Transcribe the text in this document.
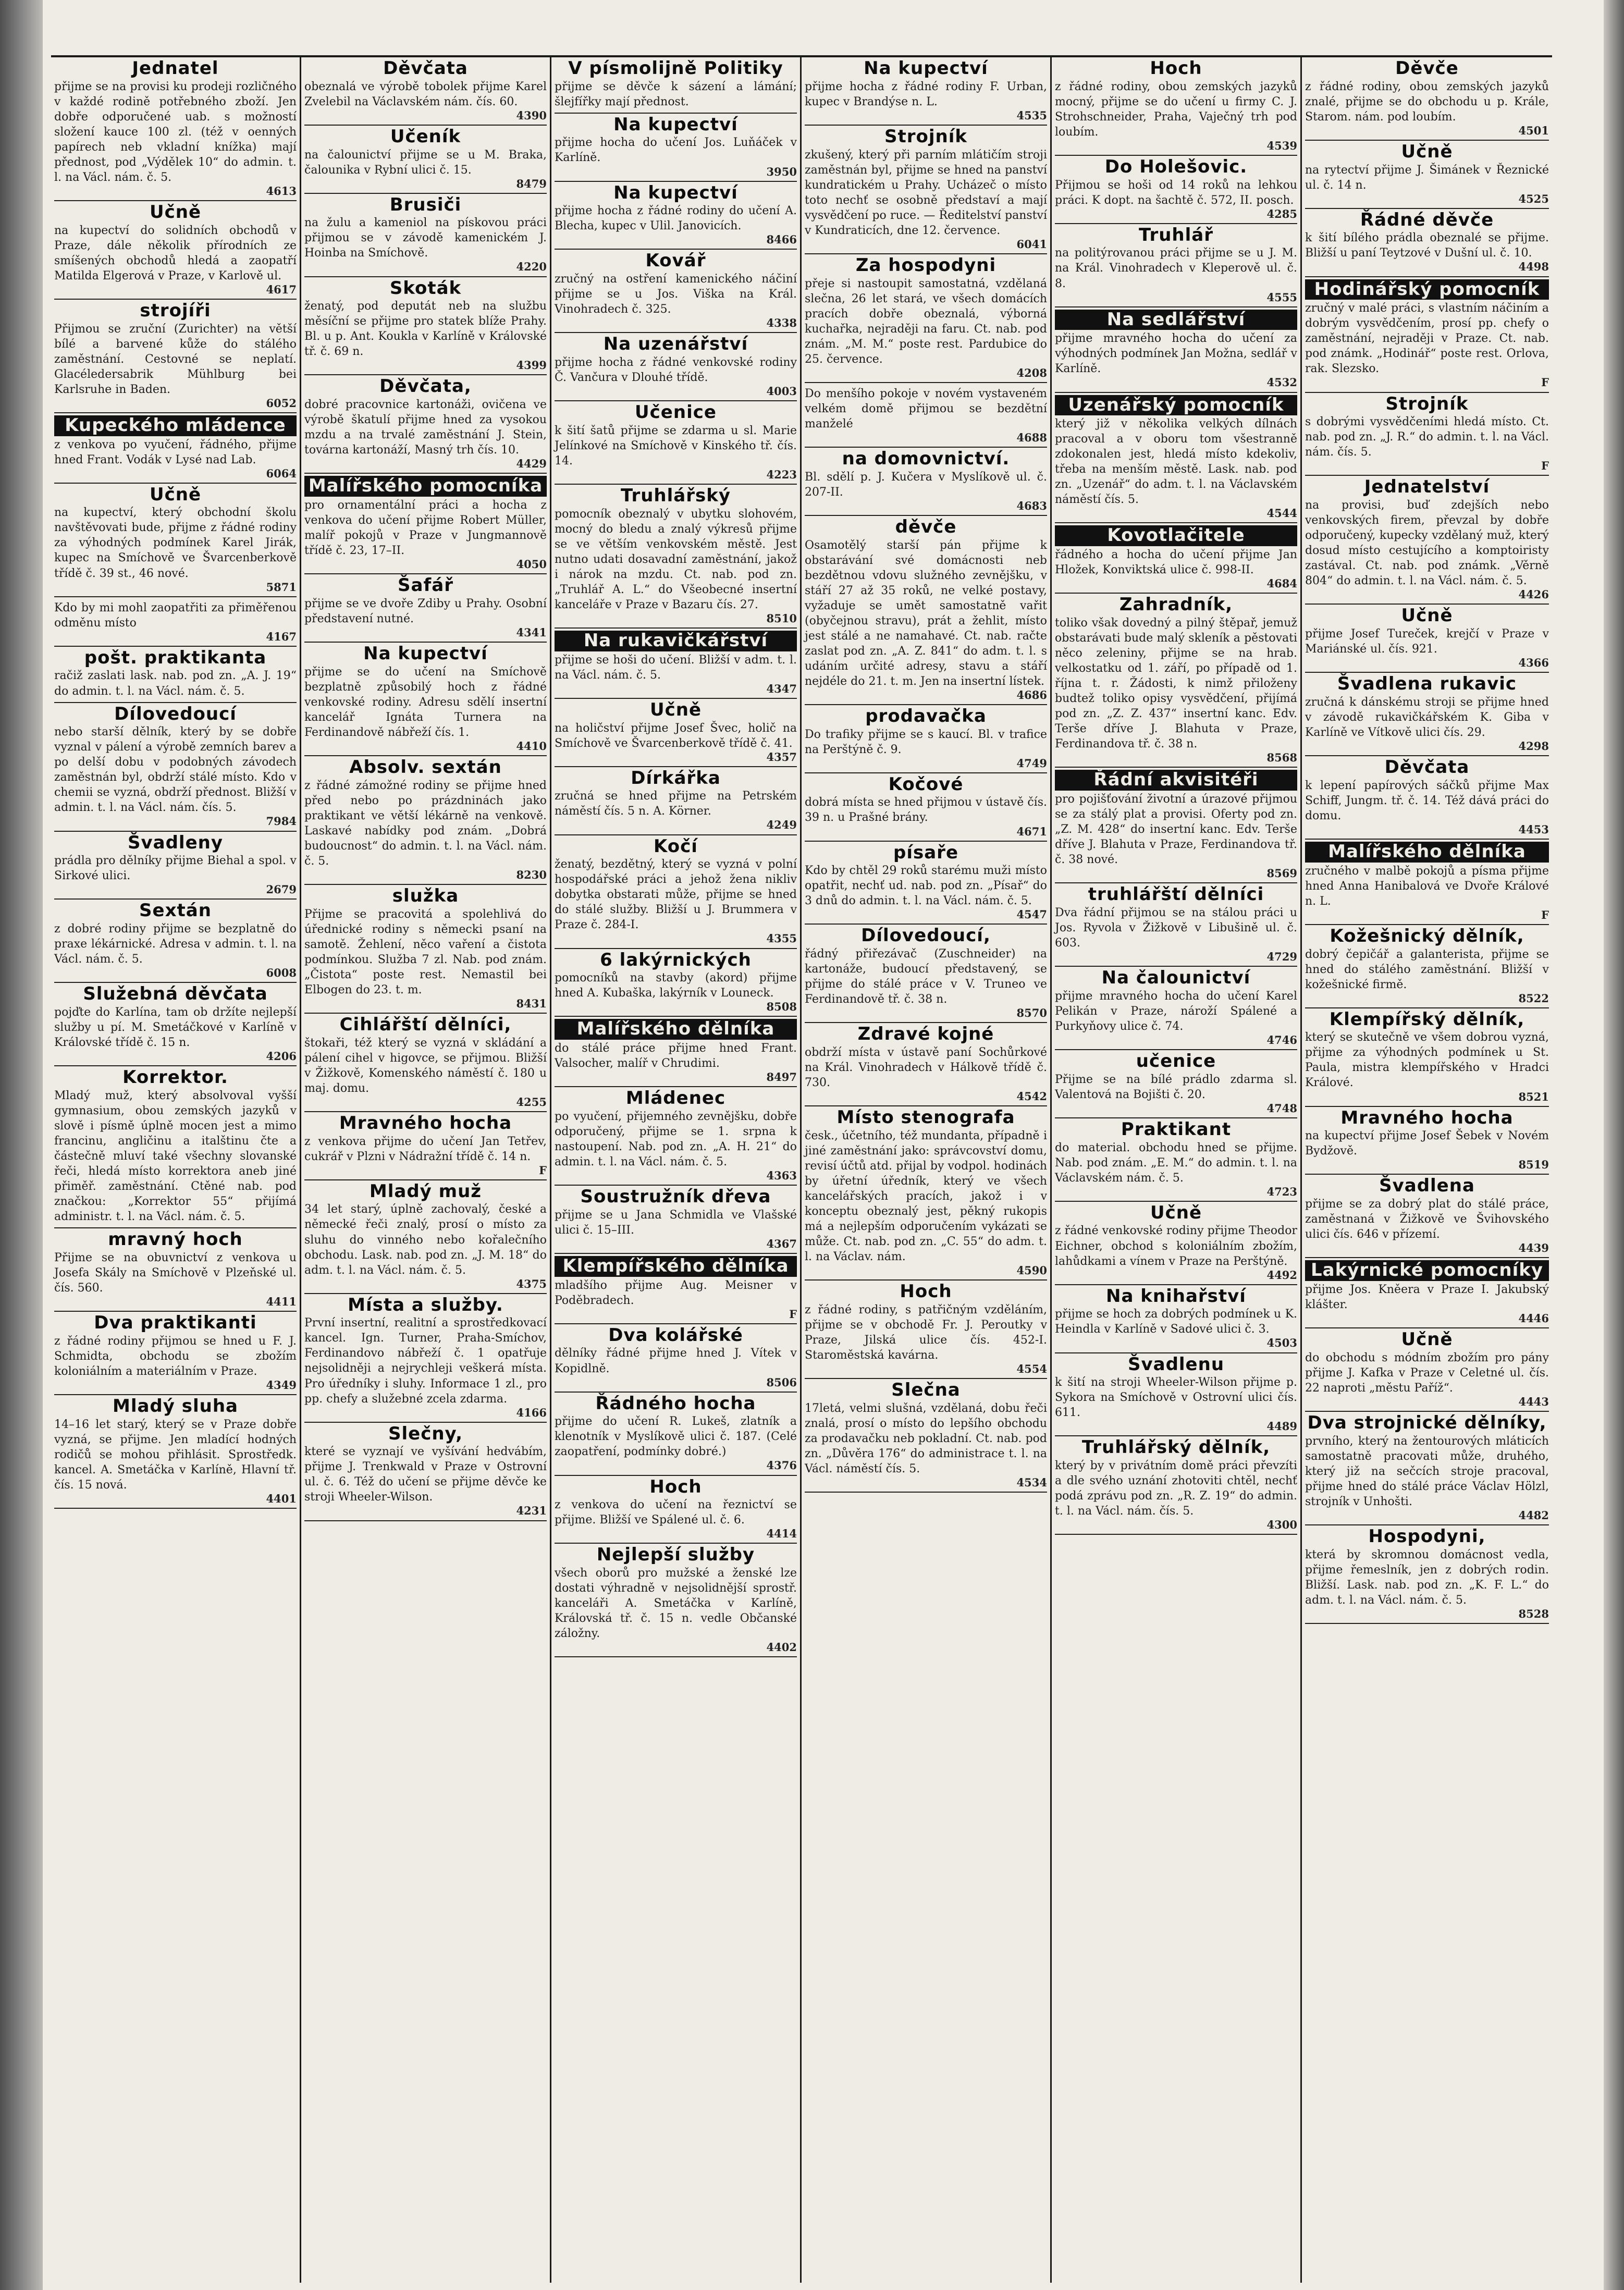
Jednatel

přijme se na provisi ku prodeji rozličného v každé rodině potřebného zboží. Jen dobře odporučené uab. s možností složení kauce 100 zl. (též v oenných papírech neb vkladní knížka) mají přednost, pod „Výdělek 10“ do admin. t. l. na Václ. nám. č. 5.

4613
Učně

na kupectví do solidních obchodů v Praze, dále několik přírodních ze smíšených obchodů hledá a zaopatří Matilda Elgerová v Praze, v Karlově ul.

4617
strojíři

Přijmou se zruční (Zurichter) na větší bílé a barvené kůže do stálého zaměstnání. Cestovné se neplatí. Glacéledersabrik Mühlburg bei Karlsruhe in Baden.

6052
Kupeckého mládence

z venkova po vyučení, řádného, přijme hned Frant. Vodák v Lysé nad Lab.

6064
Učně

na kupectví, který obchodní školu navštěvovati bude, přijme z řádné rodiny za výhodných podmínek Karel Jirák, kupec na Smíchově ve Švarcenberkově třídě č. 39 st., 46 nové.

5871

Kdo by mi mohl zaopatřiti za přiměřenou odměnu místo

4167
pošt. praktikanta

račiž zaslati lask. nab. pod zn. „A. J. 19“ do admin. t. l. na Václ. nám. č. 5.

Dílovedoucí

nebo starší dělník, který by se dobře vyznal v pálení a výrobě zemních barev a po delší dobu v podobných závodech zaměstnán byl, obdrží stálé místo. Kdo v chemii se vyzná, obdrží přednost. Bližší v admin. t. l. na Václ. nám. čís. 5.

7984
Švadleny

prádla pro dělníky přijme Biehal a spol. v Sirkové ulici.

2679
Sextán

z dobré rodiny přijme se bezplatně do praxe lékárnické. Adresa v admin. t. l. na Václ. nám. č. 5.

6008
Služebná děvčata

pojďte do Karlína, tam ob držíte nejlepší služby u pí. M. Smetáčkové v Karlíně v Královské třídě č. 15 n.

4206
Korrektor.

Mladý muž, který absolvoval vyšší gymnasium, obou zemských jazyků v slově i písmě úplně mocen jest a mimo francinu, angličinu a italštinu čte a částečně mluví také všechny slovanské řeči, hledá místo korrektora aneb jiné přiměř. zaměstnání. Ctěné nab. pod značkou: „Korrektor 55“ přijímá administr. t. l. na Václ. nám. č. 5.

mravný hoch

Přijme se na obuvnictví z venkova u Josefa Skály na Smíchově v Plzeňské ul. čís. 560.

4411
Dva praktikanti

z řádné rodiny přijmou se hned u F. J. Schmidta, obchodu se zbožím koloniálním a materiálním v Praze.

4349
Mladý sluha

14–16 let starý, který se v Praze dobře vyzná, se přijme. Jen mladící hodných rodičů se mohou přihlásit. Sprostředk. kancel. A. Smetáčka v Karlíně, Hlavní tř. čís. 15 nová.

4401
Děvčata

obeznalá ve výrobě tobolek přijme Karel Zvelebil na Václavském nám. čís. 60.

4390
Učeník

na čalounictví přijme se u M. Braka, čalounika v Rybní ulici č. 15.

8479
Brusiči

na žulu a kameniol na pískovou práci přijmou se v závodě kamenickém J. Hoinba na Smíchově.

4220
Skoták

ženatý, pod deputát neb na službu měsíční se přijme pro statek blíže Prahy. Bl. u p. Ant. Koukla v Karlíně v Královské tř. č. 69 n.

4399
Děvčata,

dobré pracovnice kartonáži, ovičena ve výrobě škatulí přijme hned za vysokou mzdu a na trvalé zaměstnání J. Stein, továrna kartonáží, Masný trh čís. 10.

4429
Malířského pomocníka

pro ornamentální práci a hocha z venkova do učení přijme Robert Müller, malíř pokojů v Praze v Jungmannově třídě č. 23, 17–II.

4050
Šafář

přijme se ve dvoře Zdiby u Prahy. Osobní představení nutné.

4341
Na kupectví

přijme se do učení na Smíchově bezplatně způsobilý hoch z řádné venkovské rodiny. Adresu sdělí insertní kancelář Ignáta Turnera na Ferdinandově nábřeží čís. 1.

4410
Absolv. sextán

z řádné zámožné rodiny se přijme hned před nebo po prázdninách jako praktikant ve větší lékárně na venkově. Laskavé nabídky pod znám. „Dobrá budoucnost“ do admin. t. l. na Václ. nám. č. 5.

8230
služka

Přijme se pracovitá a spolehlivá do úřednické rodiny s německi psaní na samotě. Žehlení, něco vaření a čistota podmínkou. Služba 7 zl. Nab. pod znám. „Čistota“ poste rest. Nemastil bei Elbogen do 23. t. m.

8431
Cihlářští dělníci,

štokaři, též který se vyzná v skládání a pálení cihel v higovce, se přijmou. Bližší v Žižkově, Komenského náměstí č. 180 u maj. domu.

4255
Mravného hocha

z venkova přijme do učení Jan Tetřev, cukrář v Plzni v Nádražní třídě č. 14 n.

F
Mladý muž

34 let starý, úplně zachovalý, české a německé řeči znalý, prosí o místo za sluhu do vinného nebo kořalečního obchodu. Lask. nab. pod zn. „J. M. 18“ do adm. t. l. na Václ. nám. č. 5.

4375
Místa a služby.

První insertní, realitní a sprostředkovací kancel. Ign. Turner, Praha-Smíchov, Ferdinandovo nábřeží č. 1 opatřuje nejsolidněji a nejrychleji veškerá místa. Pro úředníky i sluhy. Informace 1 zl., pro pp. chefy a služebné zcela zdarma.

4166
Slečny,

které se vyznají ve vyšívání hedvábím, přijme J. Trenkwald v Praze v Ostrovní ul. č. 6. Též do učení se přijme děvče ke stroji Wheeler-Wilson.

4231
V písmolijně Politiky

přijme se děvče k sázení a lámání; šlejfířky mají přednost.

Na kupectví

přijme hocha do učení Jos. Luňáček v Karlíně.

3950
Na kupectví

přijme hocha z řádné rodiny do učení A. Blecha, kupec v Ulil. Janovicích.

8466
Kovář

zručný na ostření kamenického náčiní přijme se u Jos. Viška na Král. Vinohradech č. 325.

4338
Na uzenářství

přijme hocha z řádné venkovské rodiny Č. Vančura v Dlouhé třídě.

4003
Učenice

k šití šatů přijme se zdarma u sl. Marie Jelínkové na Smíchově v Kinského tř. čís. 14.

4223
Truhlářský

pomocník obeznalý v ubytku slohovém, mocný do bledu a znalý výkresů přijme se ve větším venkovském městě. Jest nutno udati dosavadní zaměstnání, jakož i nárok na mzdu. Ct. nab. pod zn. „Truhlář A. L.“ do Všeobecné insertní kanceláře v Praze v Bazaru čís. 27.

8510
Na rukavičkářství

přijme se hoši do učení. Bližší v adm. t. l. na Václ. nám. č. 5.

4347
Učně

na holičství přijme Josef Švec, holič na Smíchově ve Švarcenberkově třídě č. 41.

4357
Dírkářka

zručná se hned přijme na Petrském náměstí čís. 5 n. A. Körner.

4249
Kočí

ženatý, bezdětný, který se vyzná v polní hospodářské práci a jehož žena nikliv dobytka obstarati může, přijme se hned do stálé služby. Bližší u J. Brummera v Praze č. 284-I.

4355
6 lakýrnických

pomocníků na stavby (akord) přijme hned A. Kubaška, lakýrník v Louneck.

8508
Malířského dělníka

do stálé práce přijme hned Frant. Valsocher, malíř v Chrudimi.

8497
Mládenec

po vyučení, přijemného zevnějšku, dobře odporučený, přijme se 1. srpna k nastoupení. Nab. pod zn. „A. H. 21“ do admin. t. l. na Václ. nám. č. 5.

4363
Soustružník dřeva

přijme se u Jana Schmidla ve Vlašské ulici č. 15–III.

4367
Klempířského dělníka

mladšího přijme Aug. Meisner v Poděbradech.

F
Dva kolářské

dělníky řádné přijme hned J. Vítek v Kopidlně.

8506
Řádného hocha

přijme do učení R. Lukeš, zlatník a klenotník v Myslíkově ulici č. 187. (Celé zaopatření, podmínky dobré.)

4376
Hoch

z venkova do učení na řeznictví se přijme. Bližší ve Spálené ul. č. 6.

4414
Nejlepší služby

všech oborů pro mužské a ženské lze dostati výhradně v nejsolidnější sprostř. kanceláři A. Smetáčka v Karlíně, Královská tř. č. 15 n. vedle Občanské záložny.

4402
Na kupectví

přijme hocha z řádné rodiny F. Urban, kupec v Brandýse n. L.

4535
Strojník

zkušený, který při parním mlátičím stroji zaměstnán byl, přijme se hned na panství kundratickém u Prahy. Ucházeč o místo toto nechť se osobně představí a mají vysvědčení po ruce. — Ředitelství panství v Kundraticích, dne 12. července.

6041
Za hospodyni

přeje si nastoupit samostatná, vzdělaná slečna, 26 let stará, ve všech domácích pracích dobře obeznalá, výborná kuchařka, nejraději na faru. Ct. nab. pod znám. „M. M.“ poste rest. Pardubice do 25. července.

4208

Do menšího pokoje v novém vystaveném velkém domě přijmou se bezdětní manželé

4688
na domovnictví.

Bl. sdělí p. J. Kučera v Myslíkově ul. č. 207-II.

4683
děvče

Osamotělý starší pán přijme k obstarávání své domácnosti neb bezdětnou vdovu služného zevnějšku, v stáří 27 až 35 roků, ne velké postavy, vyžaduje se umět samostatně vařit (obyčejnou stravu), prát a žehlit, místo jest stálé a ne namahavé. Ct. nab. račte zaslat pod zn. „A. Z. 841“ do adm. t. l. s udáním určité adresy, stavu a stáří nejdéle do 21. t. m. Jen na insertní lístek.

4686
prodavačka

Do trafiky přijme se s kaucí. Bl. v trafice na Perštýně č. 9.

4749
Kočové

dobrá místa se hned přijmou v ústavě čís. 39 n. u Prašné brány.

4671
písaře

Kdo by chtěl 29 roků starému muži místo opatřit, nechť ud. nab. pod zn. „Písař“ do 3 dnů do admin. t. l. na Václ. nám. č. 5.

4547
Dílovedoucí,

řádný přiřezávač (Zuschneider) na kartonáže, budoucí představený, se přijme do stálé práce v V. Truneo ve Ferdinandově tř. č. 38 n.

8570
Zdravé kojné

obdrží místa v ústavě paní Sochůrkové na Král. Vinohradech v Hálkově třídě č. 730.

4542
Místo stenografa

česk., účetního, též mundanta, případně i jiné zaměstnání jako: správcovství domu, revisí účtů atd. přijal by vodpol. hodinách by úřetní úředník, který ve všech kancelářských pracích, jakož i v konceptu obeznalý jest, pěkný rukopis má a nejlepším odporučením vykázati se může. Ct. nab. pod zn. „C. 55“ do adm. t. l. na Václav. nám.

4590
Hoch

z řádné rodiny, s patřičným vzděláním, přijme se v obchodě Fr. J. Peroutky v Praze, Jilská ulice čís. 452-I. Staroměstská kavárna.

4554
Slečna

17letá, velmi slušná, vzdělaná, dobu řeči znalá, prosí o místo do lepšího obchodu za prodavačku neb pokladní. Ct. nab. pod zn. „Důvěra 176“ do administrace t. l. na Václ. náměstí čís. 5.

4534
Hoch

z řádné rodiny, obou zemských jazyků mocný, přijme se do učení u firmy C. J. Strohschneider, Praha, Vaječný trh pod loubím.

4539
Do Holešovic.

Přijmou se hoši od 14 roků na lehkou práci. K dopt. na šachtě č. 572, II. posch.

4285
Truhlář

na politýrovanou práci přijme se u J. M. na Král. Vinohradech v Kleperově ul. č. 8.

4555
Na sedlářství

přijme mravného hocha do učení za výhodných podmínek Jan Možna, sedlář v Karlíně.

4532
Uzenářský pomocník

který již v několika velkých dílnách pracoval a v oboru tom všestranně zdokonalen jest, hledá místo kdekoliv, třeba na menším městě. Lask. nab. pod zn. „Uzenář“ do adm. t. l. na Václavském náměstí čís. 5.

4544
Kovotlačitele

řádného a hocha do učení přijme Jan Hložek, Konviktská ulice č. 998-II.

4684
Zahradník,

toliko však dovedný a pilný štěpař, jemuž obstarávati bude malý skleník a pěstovati něco zeleniny, přijme se na hrab. velkostatku od 1. září, po případě od 1. října t. r. Žádosti, k nimž přiloženy budtež toliko opisy vysvědčení, přijímá pod zn. „Z. Z. 437“ insertní kanc. Edv. Terše dříve J. Blahuta v Praze, Ferdinandova tř. č. 38 n.

8568
Řádní akvisitéři

pro pojišťování životní a úrazové přijmou se za stálý plat a provisi. Oferty pod zn. „Z. M. 428“ do insertní kanc. Edv. Terše dříve J. Blahuta v Praze, Ferdinandova tř. č. 38 nové.

8569
truhlářští dělníci

Dva řádní přijmou se na stálou práci u Jos. Ryvola v Žižkově v Libušině ul. č. 603.

4729
Na čalounictví

přijme mravného hocha do učení Karel Pelikán v Praze, nároží Spálené a Purkyňovy ulice č. 74.

4746
učenice

Přijme se na bílé prádlo zdarma sl. Valentová na Bojišti č. 20.

4748
Praktikant

do material. obchodu hned se přijme. Nab. pod znám. „E. M.“ do admin. t. l. na Václavském nám. č. 5.

4723
Učně

z řádné venkovské rodiny přijme Theodor Eichner, obchod s koloniálním zbožím, lahůdkami a vínem v Praze na Perštýně.

4492
Na knihařství

přijme se hoch za dobrých podmínek u K. Heindla v Karlíně v Sadové ulici č. 3.

4503
Švadlenu

k šití na stroji Wheeler-Wilson přijme p. Sykora na Smíchově v Ostrovní ulici čís. 611.

4489
Truhlářský dělník,

který by v privátním domě práci převzíti a dle svého uznání zhotoviti chtěl, nechť podá zprávu pod zn. „R. Z. 19“ do admin. t. l. na Václ. nám. čís. 5.

4300
Děvče

z řádné rodiny, obou zemských jazyků znalé, přijme se do obchodu u p. Krále, Starom. nám. pod loubím.

4501
Učně

na rytectví přijme J. Šimánek v Řeznické ul. č. 14 n.

4525
Řádné děvče

k šití bílého prádla obeznalé se přijme. Bližší u paní Teytzové v Dušní ul. č. 10.

4498
Hodinářský pomocník

zručný v malé práci, s vlastním náčiním a dobrým vysvědčením, prosí pp. chefy o zaměstnání, nejraději v Praze. Ct. nab. pod známk. „Hodinář“ poste rest. Orlova, rak. Slezsko.

F
Strojník

s dobrými vysvědčeními hledá místo. Ct. nab. pod zn. „J. R.“ do admin. t. l. na Václ. nám. čís. 5.

F
Jednatelství

na provisi, buď zdejších nebo venkovských firem, převzal by dobře odporučený, kupecky vzdělaný muž, který dosud místo cestujícího a komptoiristy zastával. Ct. nab. pod známk. „Věrně 804“ do admin. t. l. na Václ. nám. č. 5.

4426
Učně

přijme Josef Tureček, krejčí v Praze v Mariánské ul. čís. 921.

4366
Švadlena rukavic

zručná k dánskému stroji se přijme hned v závodě rukavičkářském K. Giba v Karlíně ve Vítkově ulici čís. 29.

4298
Děvčata

k lepení papírových sáčků přijme Max Schiff, Jungm. tř. č. 14. Též dává práci do domu.

4453
Malířského dělníka

zručného v malbě pokojů a písma přijme hned Anna Hanibalová ve Dvoře Králové n. L.

F
Kožešnický dělník,

dobrý čepičář a galanterista, přijme se hned do stálého zaměstnání. Bližší v kožešnické firmě.

8522
Klempířský dělník,

který se skutečně ve všem dobrou vyzná, přijme za výhodných podmínek u St. Paula, mistra klempířského v Hradci Králové.

8521
Mravného hocha

na kupectví přijme Josef Šebek v Novém Bydžově.

8519
Švadlena

přijme se za dobrý plat do stálé práce, zaměstnaná v Žižkově ve Švihovského ulici čís. 646 v přízemí.

4439
Lakýrnické pomocníky

přijme Jos. Kněera v Praze I. Jakubský klášter.

4446
Učně

do obchodu s módním zbožím pro pány přijme J. Kafka v Praze v Celetné ul. čís. 22 naproti „městu Paříž“.

4443
Dva strojnické dělníky,

prvního, který na žentourových mláticích samostatně pracovati může, druhého, který již na sečcích stroje pracoval, přijme hned do stálé práce Václav Hölzl, strojník v Unhošti.

4482
Hospodyni,

která by skromnou domácnost vedla, přijme řemeslník, jen z dobrých rodin. Bližší. Lask. nab. pod zn. „K. F. L.“ do adm. t. l. na Václ. nám. č. 5.

8528
